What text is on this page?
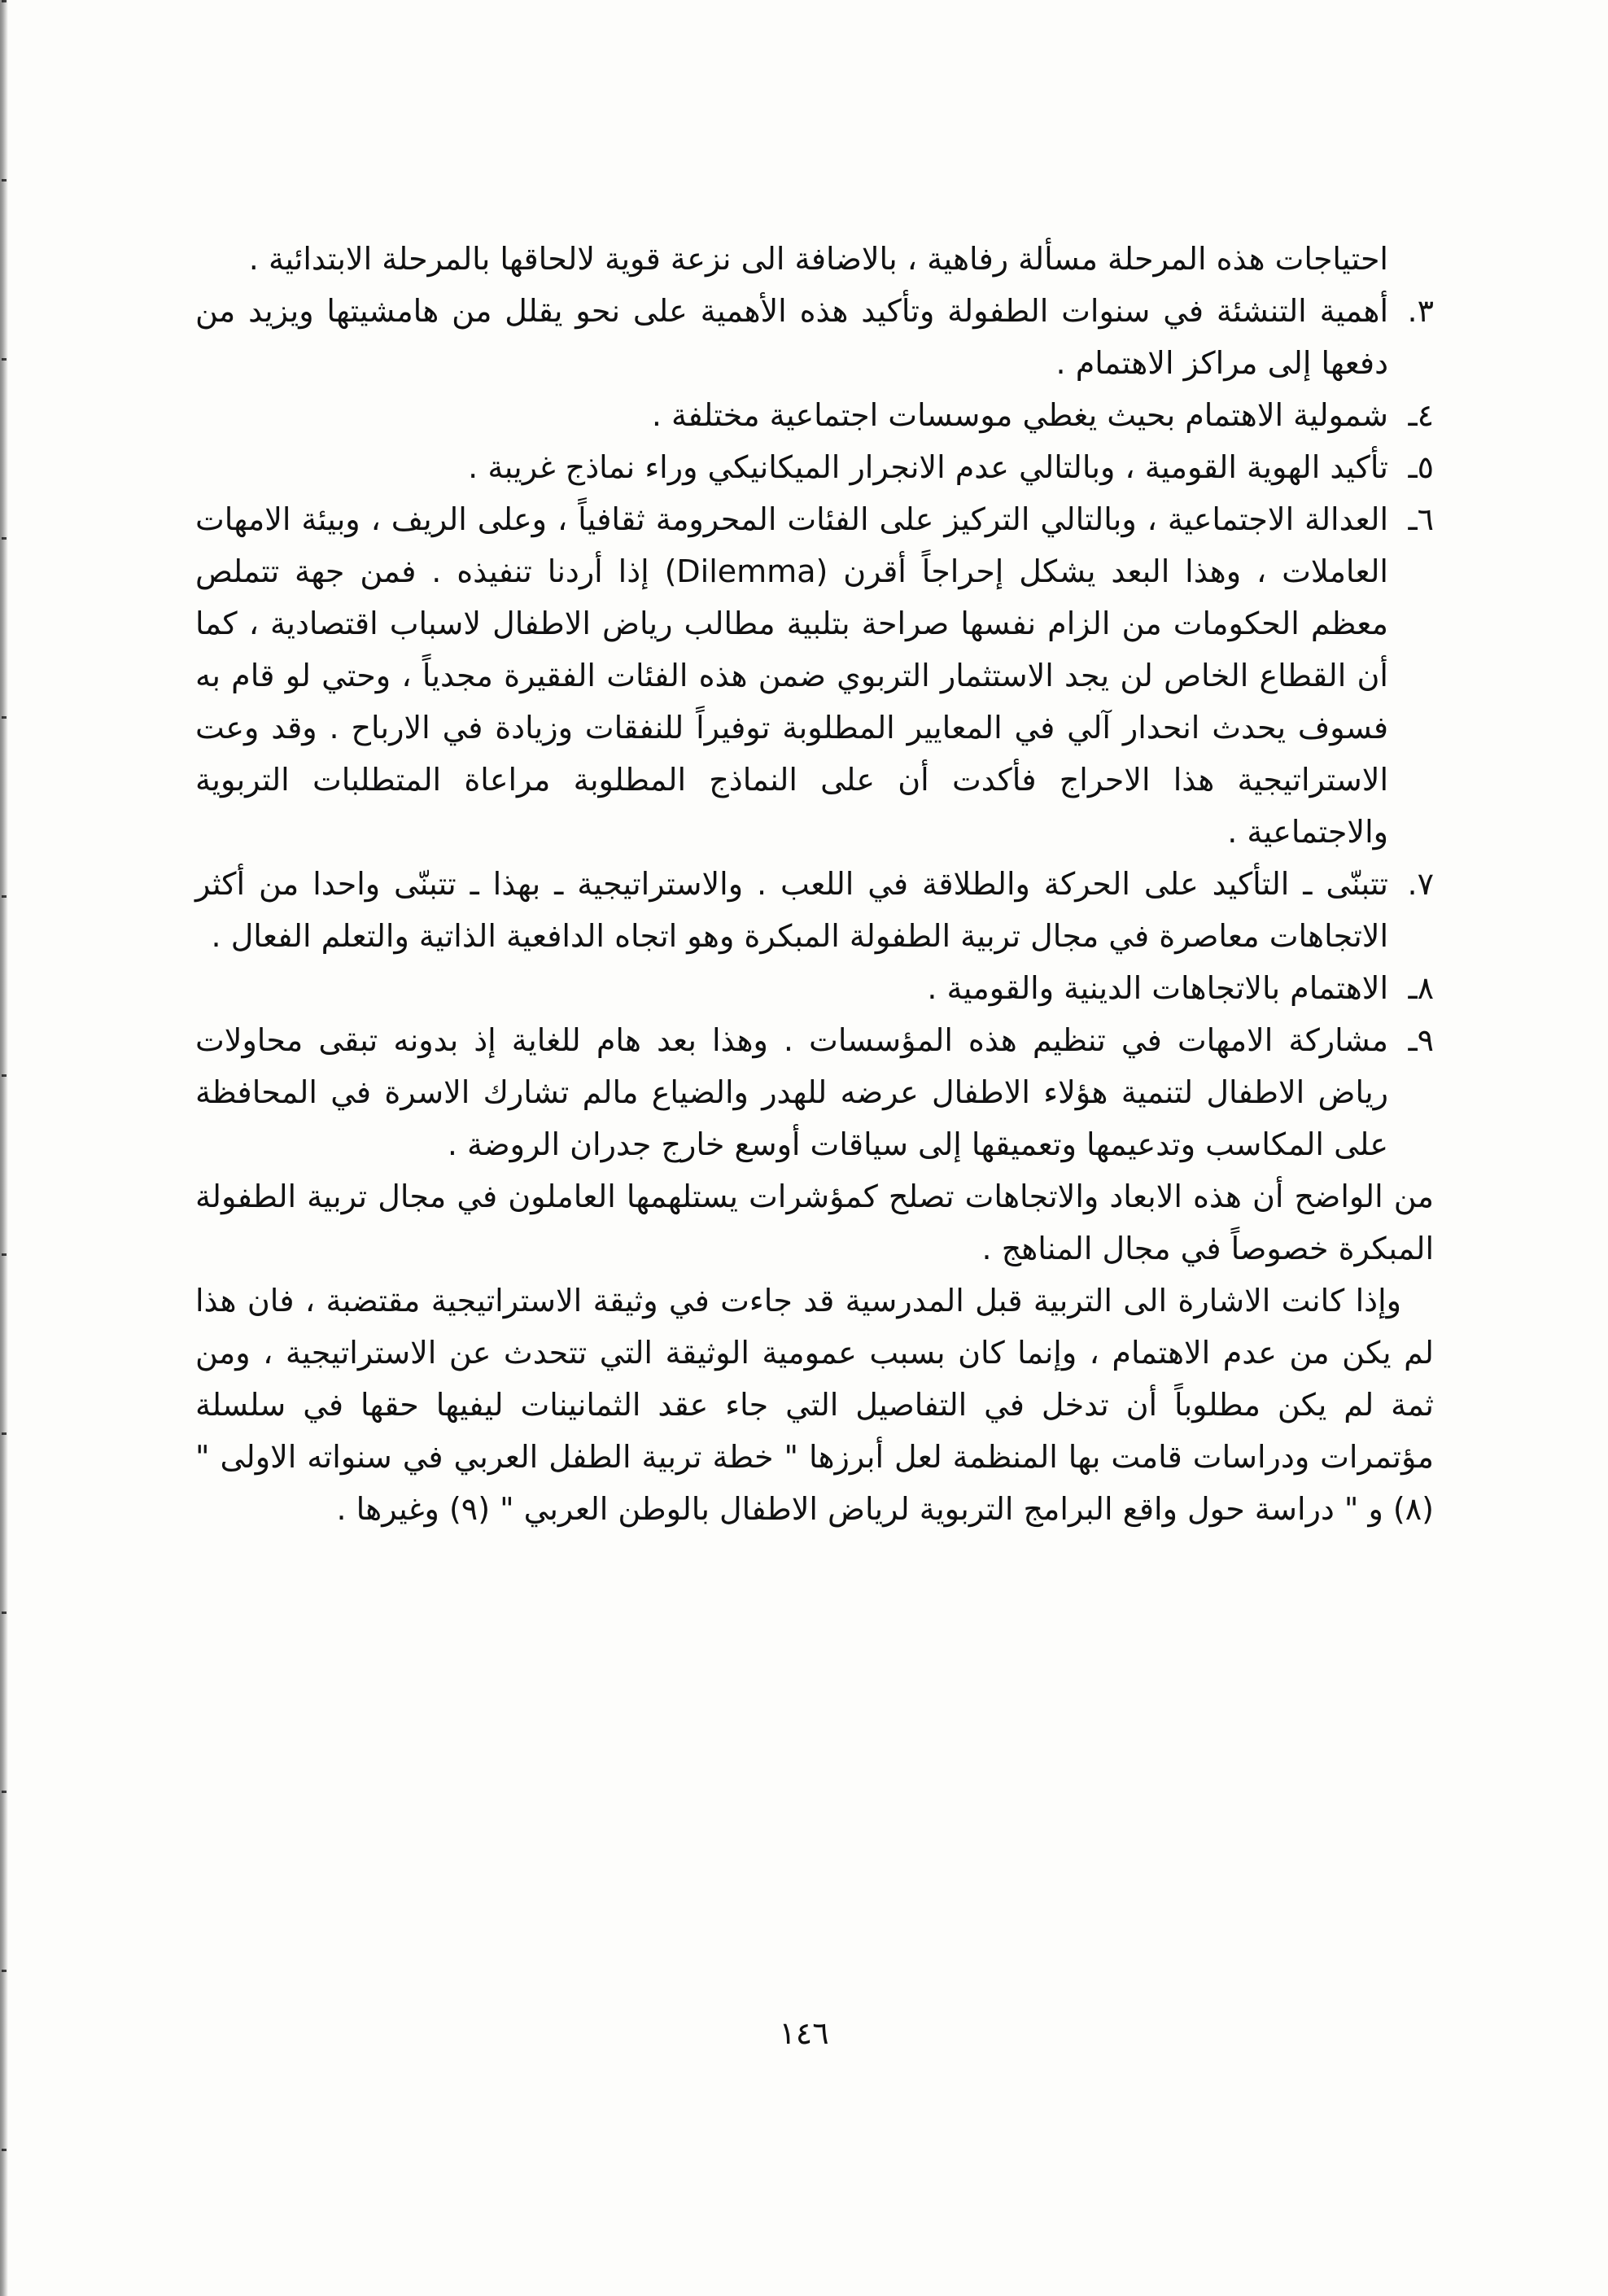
احتياجات هذه المرحلة مسألة رفاهية ، بالاضافة الى نزعة قوية لالحاقها بالمرحلة الابتدائية .

٣.
أهمية التنشئة في سنوات الطفولة وتأكيد هذه الأهمية على نحو يقلل من هامشيتها ويزيد من دفعها إلى مراكز الاهتمام .
٤ـ
شمولية الاهتمام بحيث يغطي موسسات اجتماعية مختلفة .
٥ـ
تأكيد الهوية القومية ، وبالتالي عدم الانجرار الميكانيكي وراء نماذج غريبة .
٦ـ
العدالة الاجتماعية ، وبالتالي التركيز على الفئات المحرومة ثقافياً ، وعلى الريف ، وبيئة الامهات العاملات ، وهذا البعد يشكل إحراجاً أقرن (Dilemma) إذا أردنا تنفيذه . فمن جهة تتملص معظم الحكومات من الزام نفسها صراحة بتلبية مطالب رياض الاطفال لاسباب اقتصادية ، كما أن القطاع الخاص لن يجد الاستثمار التربوي ضمن هذه الفئات الفقيرة مجدياً ، وحتي لو قام به فسوف يحدث انحدار آلي في المعايير المطلوبة توفيراً للنفقات وزيادة في الارباح . وقد وعت الاستراتيجية هذا الاحراج فأكدت أن على النماذج المطلوبة مراعاة المتطلبات التربوية والاجتماعية .
٧.
تتبنّى ـ التأكيد على الحركة والطلاقة في اللعب . والاستراتيجية ـ بهذا ـ تتبنّى واحدا من أكثر الاتجاهات معاصرة في مجال تربية الطفولة المبكرة وهو اتجاه الدافعية الذاتية والتعلم الفعال .
٨ـ
الاهتمام بالاتجاهات الدينية والقومية .
٩ـ
مشاركة الامهات في تنظيم هذه المؤسسات . وهذا بعد هام للغاية إذ بدونه تبقى محاولات رياض الاطفال لتنمية هؤلاء الاطفال عرضه للهدر والضياع مالم تشارك الاسرة في المحافظة على المكاسب وتدعيمها وتعميقها إلى سياقات أوسع خارج جدران الروضة .

من الواضح أن هذه الابعاد والاتجاهات تصلح كمؤشرات يستلهمها العاملون في مجال تربية الطفولة المبكرة خصوصاً في مجال المناهج .

وإذا كانت الاشارة الى التربية قبل المدرسية قد جاءت في وثيقة الاستراتيجية مقتضبة ، فان هذا لم يكن من عدم الاهتمام ، وإنما كان بسبب عمومية الوثيقة التي تتحدث عن الاستراتيجية ، ومن ثمة لم يكن مطلوباً أن تدخل في التفاصيل التي جاء عقد الثمانينات ليفيها حقها في سلسلة مؤتمرات ودراسات قامت بها المنظمة لعل أبرزها " خطة تربية الطفل العربي في سنواته الاولى " (٨) و " دراسة حول واقع البرامج التربوية لرياض الاطفال بالوطن العربي " (٩) وغيرها .

١٤٦
